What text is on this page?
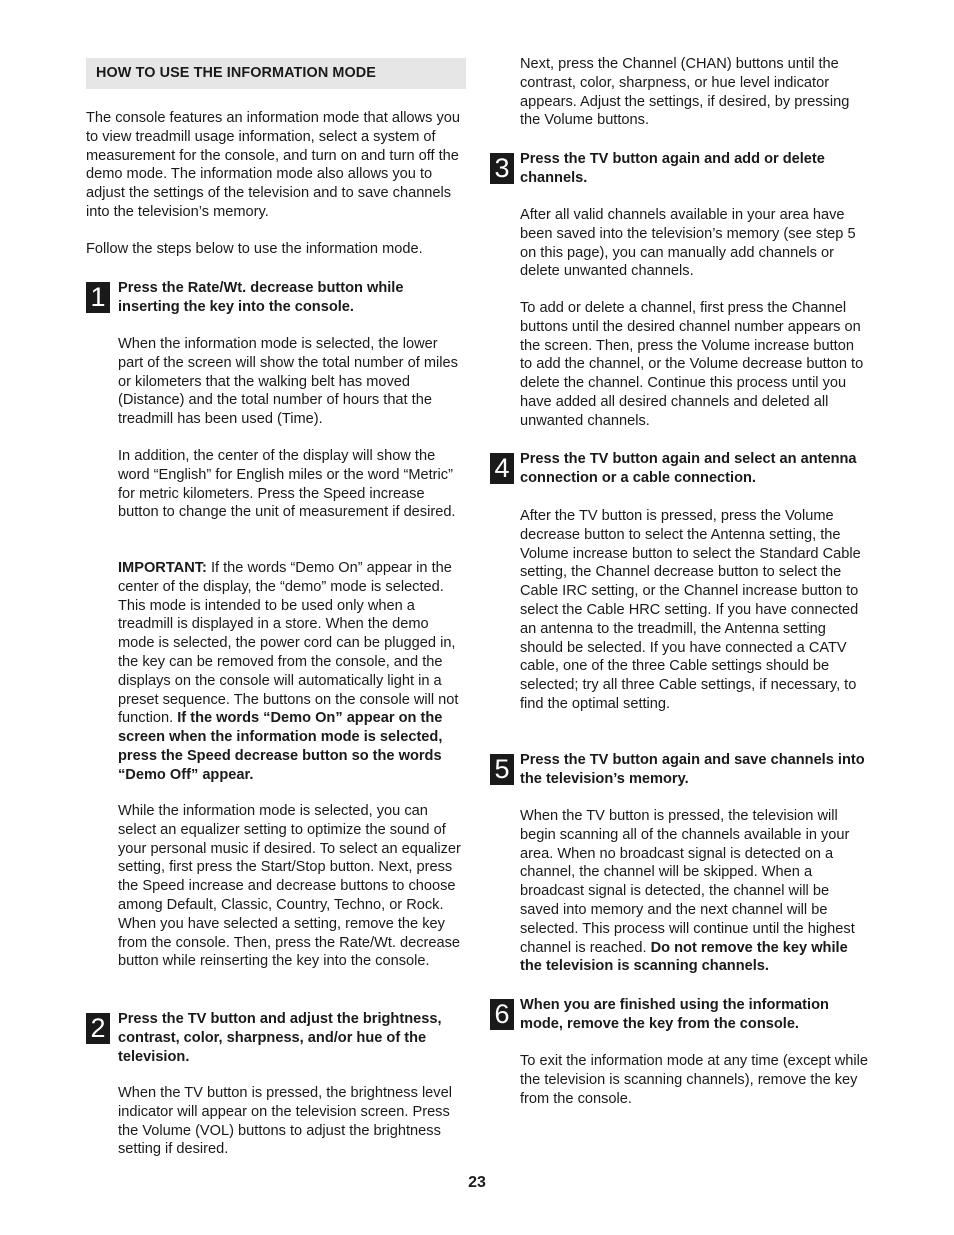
HOW TO USE THE INFORMATION MODE

The console features an information mode that allows you to view treadmill usage information, select a system of measurement for the console, and turn on and turn off the demo mode. The information mode also allows you to adjust the settings of the television and to save channels into the television’s memory.

Follow the steps below to use the information mode.

1 Press the Rate/Wt. decrease button while inserting the key into the console.

When the information mode is selected, the lower part of the screen will show the total number of miles or kilometers that the walking belt has moved (Distance) and the total number of hours that the treadmill has been used (Time).

In addition, the center of the display will show the word “English” for English miles or the word “Metric” for metric kilometers. Press the Speed increase button to change the unit of measurement if desired.

IMPORTANT: If the words “Demo On” appear in the center of the display, the “demo” mode is selected. This mode is intended to be used only when a treadmill is displayed in a store. When the demo mode is selected, the power cord can be plugged in, the key can be removed from the console, and the displays on the console will automatically light in a preset sequence. The buttons on the console will not function. If the words “Demo On” appear on the screen when the information mode is selected, press the Speed decrease button so the words “Demo Off” appear.

While the information mode is selected, you can select an equalizer setting to optimize the sound of your personal music if desired. To select an equalizer setting, first press the Start/Stop button. Next, press the Speed increase and decrease buttons to choose among Default, Classic, Country, Techno, or Rock. When you have selected a setting, remove the key from the console. Then, press the Rate/Wt. decrease button while reinserting the key into the console.

2 Press the TV button and adjust the brightness, contrast, color, sharpness, and/or hue of the television.

When the TV button is pressed, the brightness level indicator will appear on the television screen. Press the Volume (VOL) buttons to adjust the brightness setting if desired.

Next, press the Channel (CHAN) buttons until the contrast, color, sharpness, or hue level indicator appears. Adjust the settings, if desired, by pressing the Volume buttons.

3 Press the TV button again and add or delete channels.

After all valid channels available in your area have been saved into the television’s memory (see step 5 on this page), you can manually add channels or delete unwanted channels.

To add or delete a channel, first press the Channel buttons until the desired channel number appears on the screen. Then, press the Volume increase button to add the channel, or the Volume decrease button to delete the channel. Continue this process until you have added all desired channels and deleted all unwanted channels.

4 Press the TV button again and select an antenna connection or a cable connection.

After the TV button is pressed, press the Volume decrease button to select the Antenna setting, the Volume increase button to select the Standard Cable setting, the Channel decrease button to select the Cable IRC setting, or the Channel increase button to select the Cable HRC setting. If you have connected an antenna to the treadmill, the Antenna setting should be selected. If you have connected a CATV cable, one of the three Cable settings should be selected; try all three Cable settings, if necessary, to find the optimal setting.

5 Press the TV button again and save channels into the television’s memory.

When the TV button is pressed, the television will begin scanning all of the channels available in your area. When no broadcast signal is detected on a channel, the channel will be skipped. When a broadcast signal is detected, the channel will be saved into memory and the next channel will be selected. This process will continue until the highest channel is reached. Do not remove the key while the television is scanning channels.

6 When you are finished using the information mode, remove the key from the console.

To exit the information mode at any time (except while the television is scanning channels), remove the key from the console.

23
